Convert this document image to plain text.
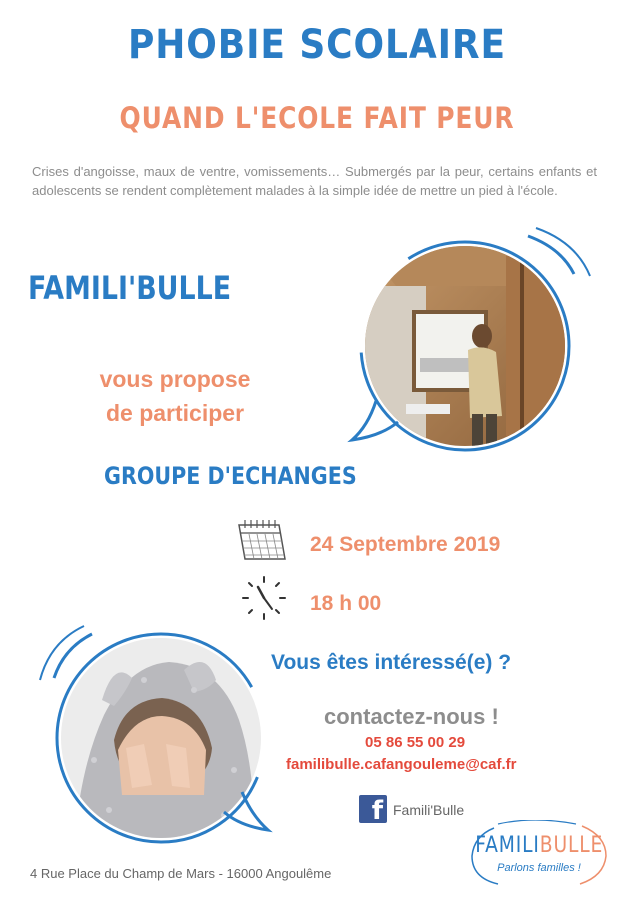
PHOBIE SCOLAIRE
QUAND L'ECOLE FAIT PEUR
Crises d'angoisse, maux de ventre, vomissements… Submergés par la peur, certains enfants et adolescents se rendent complètement malades à la simple idée de mettre un pied à l'école.
FAMILI'BULLE
vous propose
de participer
GROUPE D'ECHANGES
24 Septembre 2019
18 h 00
Vous êtes intéressé(e) ?
contactez-nous !
05 86 55 00 29
familibulle.cafangouleme@caf.fr
f Famili'Bulle
4 Rue Place du Champ de Mars - 16000 Angoulême
FAMILIBULLE
Parlons familles !
